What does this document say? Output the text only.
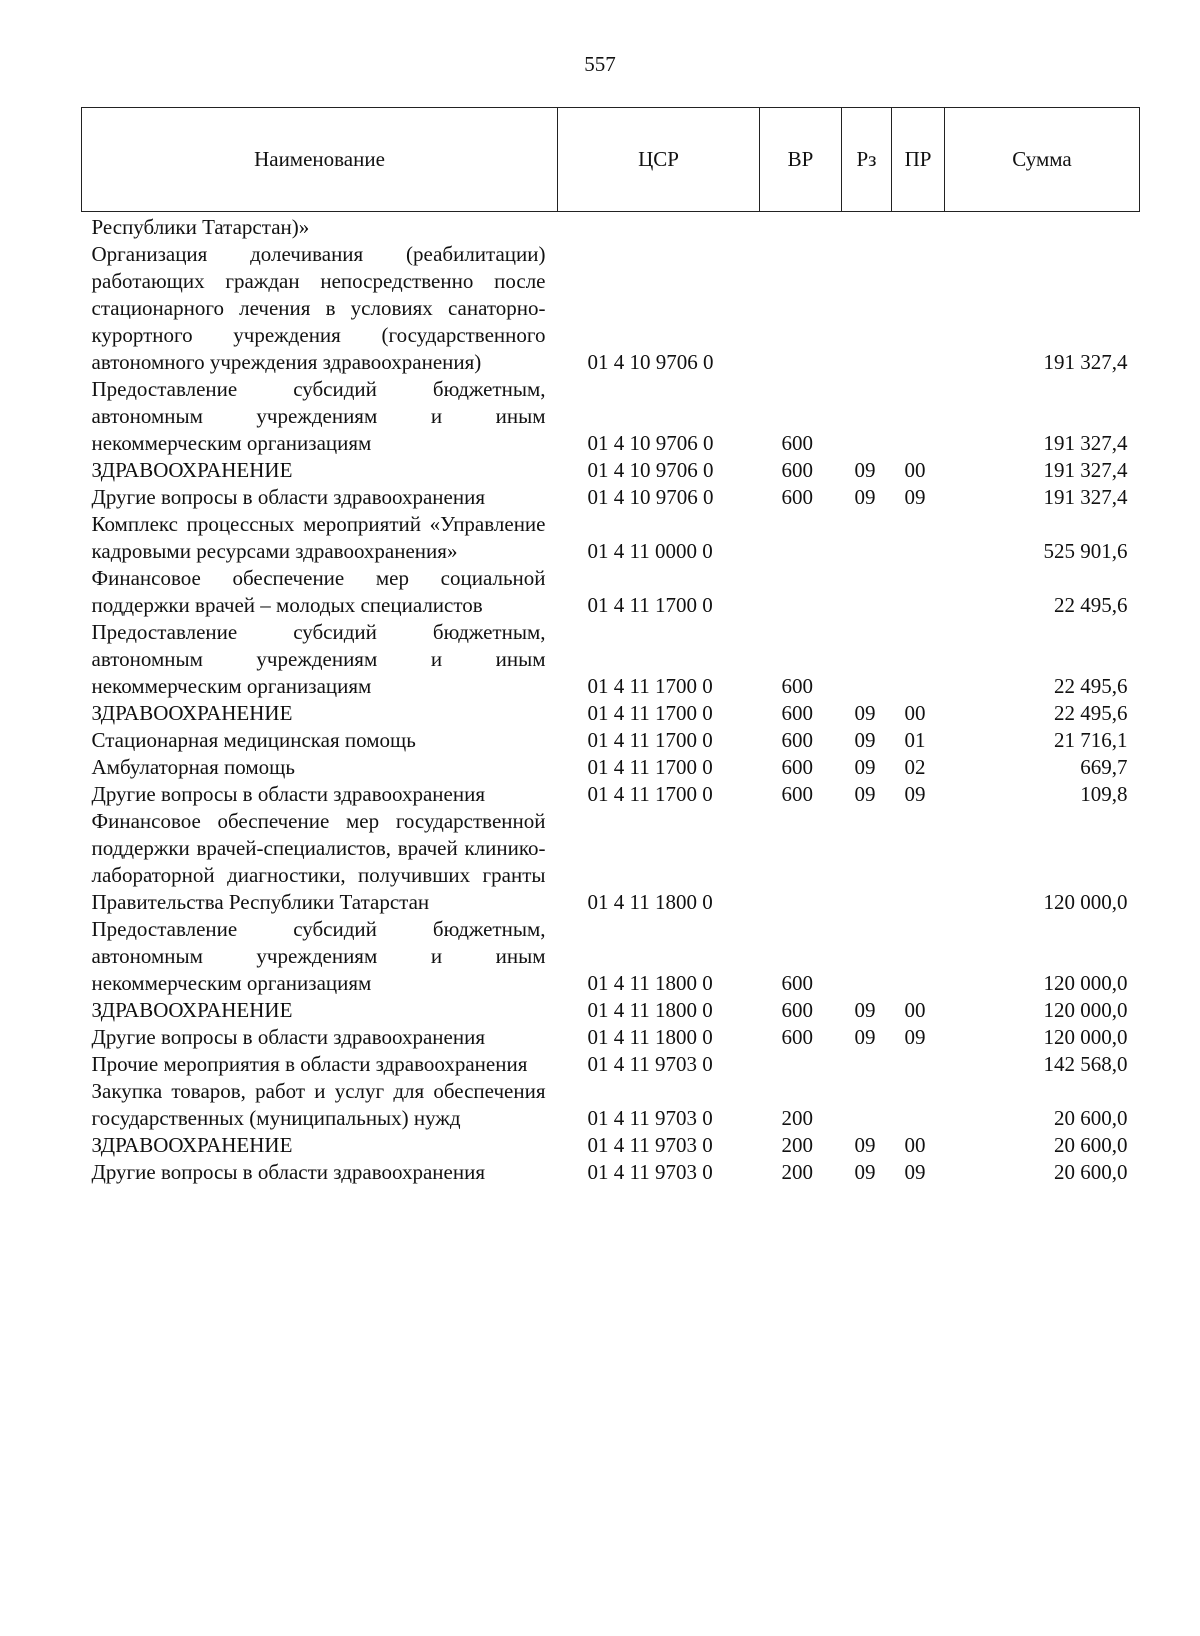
557
Наименование	ЦСР	ВР	Рз	ПР	Сумма
Республики Татарстан)»					
Организация долечивания (реабилитации) работающих граждан непосредственно после стационарного лечения в условиях санаторно-курортного учреждения (государственного автономного учреждения здравоохранения)	01 4 10 9706 0				191 327,4
Предоставление субсидий бюджетным, автономным учреждениям и иным некоммерческим организациям	01 4 10 9706 0	600			191 327,4
ЗДРАВООХРАНЕНИЕ	01 4 10 9706 0	600	09	00	191 327,4
Другие вопросы в области здравоохранения	01 4 10 9706 0	600	09	09	191 327,4
Комплекс процессных мероприятий «Управление кадровыми ресурсами здравоохранения»	01 4 11 0000 0				525 901,6
Финансовое обеспечение мер социальной поддержки врачей – молодых специалистов	01 4 11 1700 0				22 495,6
Предоставление субсидий бюджетным, автономным учреждениям и иным некоммерческим организациям	01 4 11 1700 0	600			22 495,6
ЗДРАВООХРАНЕНИЕ	01 4 11 1700 0	600	09	00	22 495,6
Стационарная медицинская помощь	01 4 11 1700 0	600	09	01	21 716,1
Амбулаторная помощь	01 4 11 1700 0	600	09	02	669,7
Другие вопросы в области здравоохранения	01 4 11 1700 0	600	09	09	109,8
Финансовое обеспечение мер государственной поддержки врачей-специалистов, врачей клинико-лабораторной диагностики, получивших гранты Правительства Республики Татарстан	01 4 11 1800 0				120 000,0
Предоставление субсидий бюджетным, автономным учреждениям и иным некоммерческим организациям	01 4 11 1800 0	600			120 000,0
ЗДРАВООХРАНЕНИЕ	01 4 11 1800 0	600	09	00	120 000,0
Другие вопросы в области здравоохранения	01 4 11 1800 0	600	09	09	120 000,0
Прочие мероприятия в области здравоохранения	01 4 11 9703 0				142 568,0
Закупка товаров, работ и услуг для обеспечения государственных (муниципальных) нужд	01 4 11 9703 0	200			20 600,0
ЗДРАВООХРАНЕНИЕ	01 4 11 9703 0	200	09	00	20 600,0
Другие вопросы в области здравоохранения	01 4 11 9703 0	200	09	09	20 600,0
